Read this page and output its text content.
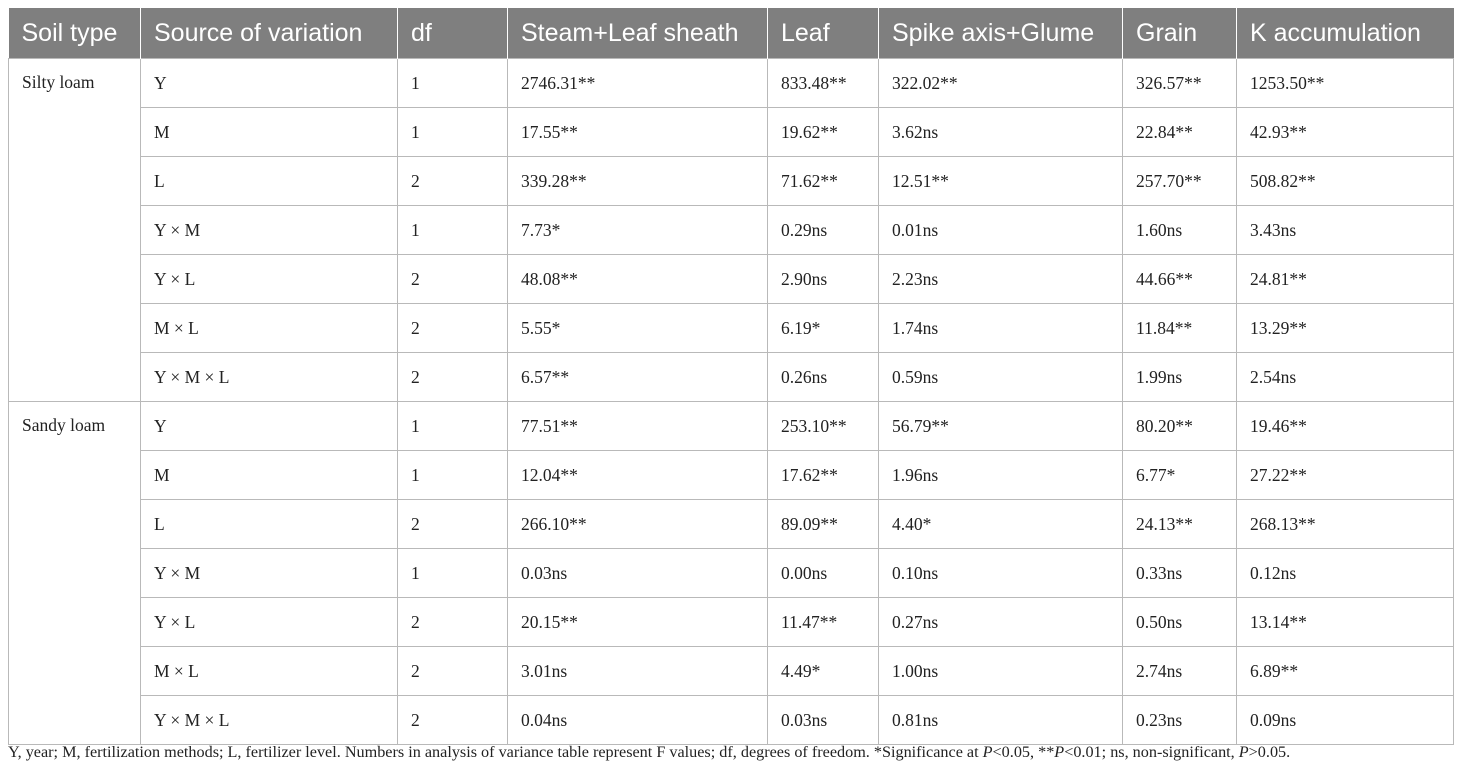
Soil type	Source of variation	df	Steam+Leaf sheath	Leaf	Spike axis+Glume	Grain	K accumulation
Silty loam	Y	1	2746.31**	833.48**	322.02**	326.57**	1253.50**
	M	1	17.55**	19.62**	3.62ns	22.84**	42.93**
	L	2	339.28**	71.62**	12.51**	257.70**	508.82**
	Y × M	1	7.73*	0.29ns	0.01ns	1.60ns	3.43ns
	Y × L	2	48.08**	2.90ns	2.23ns	44.66**	24.81**
	M × L	2	5.55*	6.19*	1.74ns	11.84**	13.29**
	Y × M × L	2	6.57**	0.26ns	0.59ns	1.99ns	2.54ns
Sandy loam	Y	1	77.51**	253.10**	56.79**	80.20**	19.46**
	M	1	12.04**	17.62**	1.96ns	6.77*	27.22**
	L	2	266.10**	89.09**	4.40*	24.13**	268.13**
	Y × M	1	0.03ns	0.00ns	0.10ns	0.33ns	0.12ns
	Y × L	2	20.15**	11.47**	0.27ns	0.50ns	13.14**
	M × L	2	3.01ns	4.49*	1.00ns	2.74ns	6.89**
	Y × M × L	2	0.04ns	0.03ns	0.81ns	0.23ns	0.09ns
Y, year; M, fertilization methods; L, fertilizer level. Numbers in analysis of variance table represent F values; df, degrees of freedom. *Significance at P<0.05, **P<0.01; ns, non-significant, P>0.05.
